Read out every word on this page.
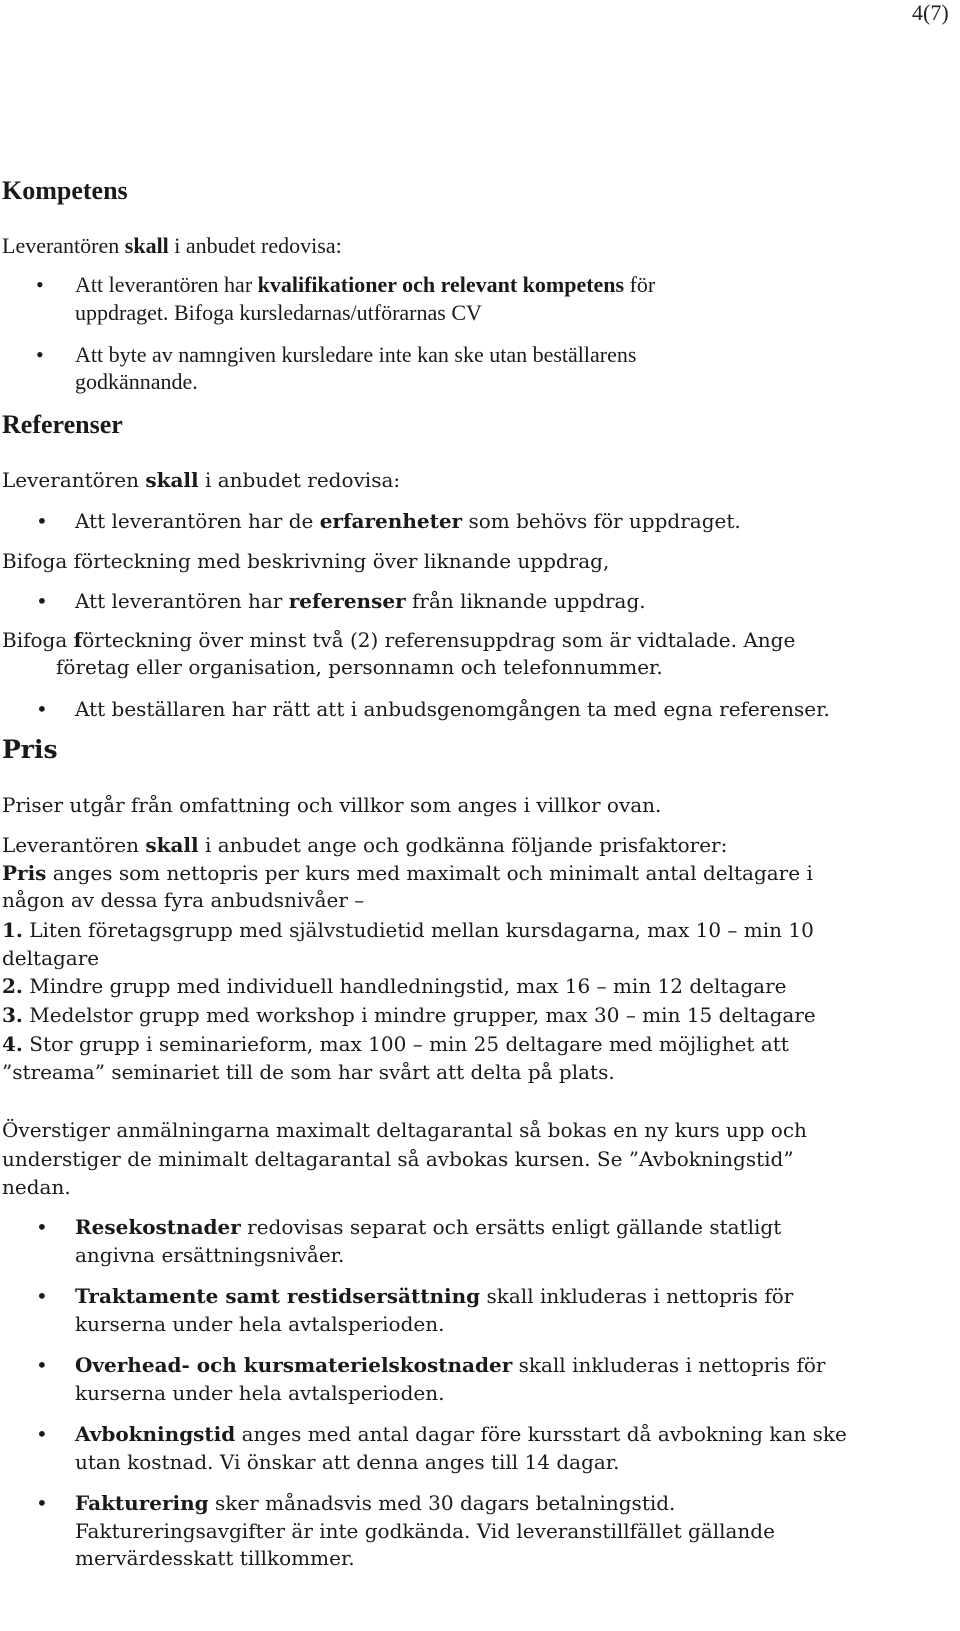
4(7)
Kompetens
Leverantören skall i anbudet redovisa:
• Att leverantören har kvalifikationer och relevant kompetens för
uppdraget. Bifoga kursledarnas/utförarnas CV
• Att byte av namngiven kursledare inte kan ske utan beställarens
godkännande.
Referenser
Leverantören skall i anbudet redovisa:
• Att leverantören har de erfarenheter som behövs för uppdraget.
Bifoga förteckning med beskrivning över liknande uppdrag,
• Att leverantören har referenser från liknande uppdrag.
Bifoga förteckning över minst två (2) referensuppdrag som är vidtalade. Ange
företag eller organisation, personnamn och telefonnummer.
• Att beställaren har rätt att i anbudsgenomgången ta med egna referenser.
Pris
Priser utgår från omfattning och villkor som anges i villkor ovan.
Leverantören skall i anbudet ange och godkänna följande prisfaktorer:
Pris anges som nettopris per kurs med maximalt och minimalt antal deltagare i
någon av dessa fyra anbudsnivåer –
1. Liten företagsgrupp med självstudietid mellan kursdagarna, max 10 – min 10
deltagare
2. Mindre grupp med individuell handledningstid, max 16 – min 12 deltagare
3. Medelstor grupp med workshop i mindre grupper, max 30 – min 15 deltagare
4. Stor grupp i seminarieform, max 100 – min 25 deltagare med möjlighet att
”streama” seminariet till de som har svårt att delta på plats.
Överstiger anmälningarna maximalt deltagarantal så bokas en ny kurs upp och
understiger de minimalt deltagarantal så avbokas kursen. Se ”Avbokningstid”
nedan.
• Resekostnader redovisas separat och ersätts enligt gällande statligt
angivna ersättningsnivåer.
• Traktamente samt restidsersättning skall inkluderas i nettopris för
kurserna under hela avtalsperioden.
• Overhead- och kursmaterielskostnader skall inkluderas i nettopris för
kurserna under hela avtalsperioden.
• Avbokningstid anges med antal dagar före kursstart då avbokning kan ske
utan kostnad. Vi önskar att denna anges till 14 dagar.
• Fakturering sker månadsvis med 30 dagars betalningstid.
Faktureringsavgifter är inte godkända. Vid leveranstillfället gällande
mervärdesskatt tillkommer.
